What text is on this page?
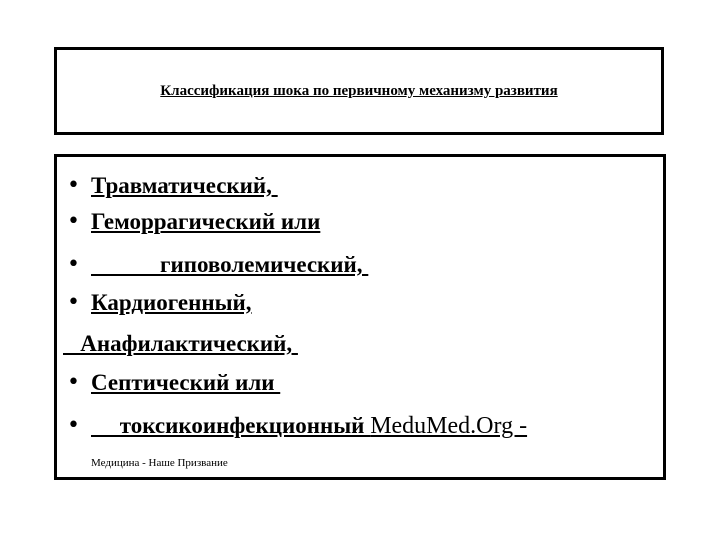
Классификация шока по первичному механизму развития
• Травматический,
• Геморрагический или
• гиповолемический,
• Кардиогенный,
Анафилактический,
• Септический или
• токсикоинфекционный MeduMed.Org -
Медицина - Наше Призвание
